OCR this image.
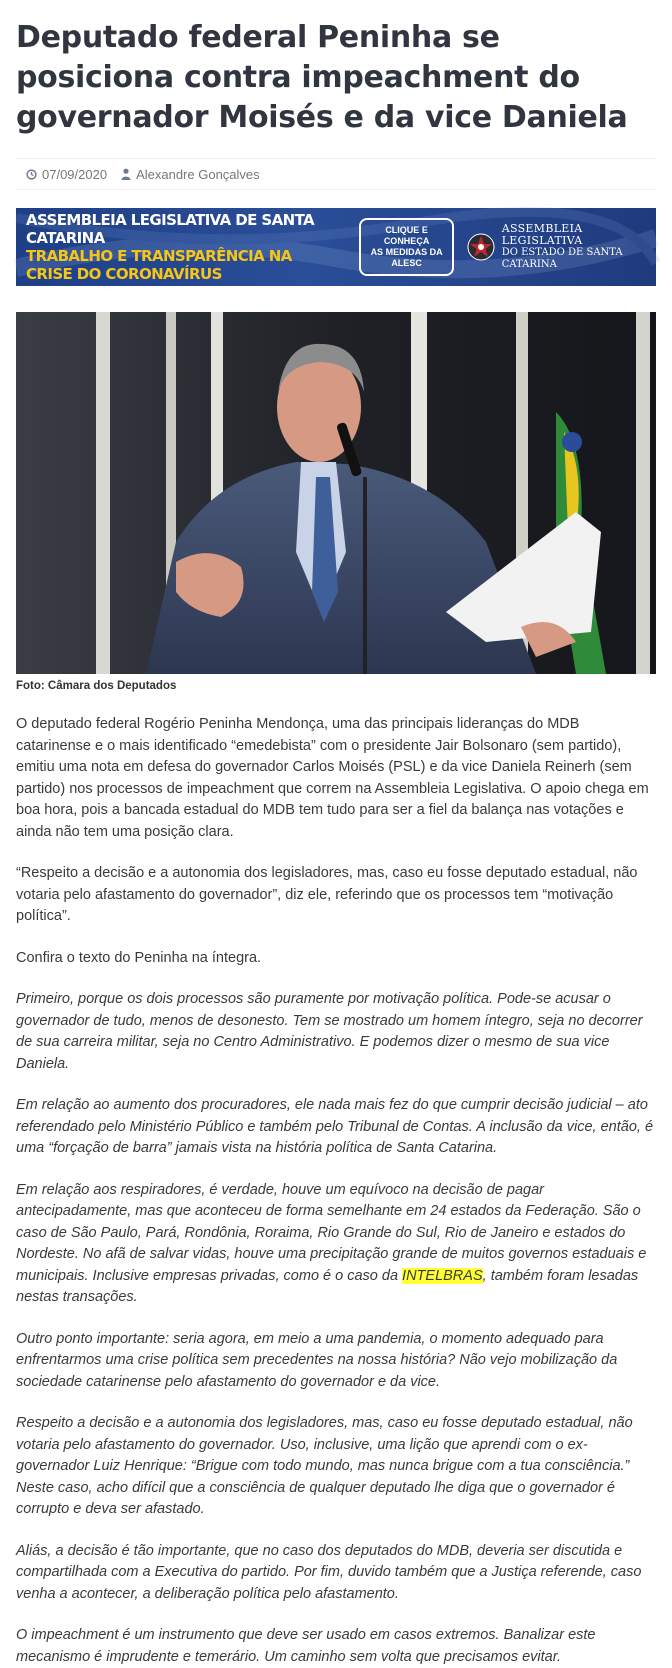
Deputado federal Peninha se posiciona contra impeachment do governador Moisés e da vice Daniela
07/09/2020 Alexandre Gonçalves
ASSEMBLEIA LEGISLATIVA DE SANTA CATARINA
TRABALHO E TRANSPARÊNCIA NA CRISE DO CORONAVÍRUS
CLIQUE E CONHEÇA
AS MEDIDAS DA ALESC
ASSEMBLEIA LEGISLATIVA
DO ESTADO DE SANTA CATARINA
Foto: Câmara dos Deputados

O deputado federal Rogério Peninha Mendonça, uma das principais lideranças do MDB catarinense e o mais identificado “emedebista” com o presidente Jair Bolsonaro (sem partido), emitiu uma nota em defesa do governador Carlos Moisés (PSL) e da vice Daniela Reinerh (sem partido) nos processos de impeachment que correm na Assembleia Legislativa. O apoio chega em boa hora, pois a bancada estadual do MDB tem tudo para ser a fiel da balança nas votações e ainda não tem uma posição clara.

“Respeito a decisão e a autonomia dos legisladores, mas, caso eu fosse deputado estadual, não votaria pelo afastamento do governador”, diz ele, referindo que os processos tem “motivação política”.

Confira o texto do Peninha na íntegra.

Primeiro, porque os dois processos são puramente por motivação política. Pode-se acusar o governador de tudo, menos de desonesto. Tem se mostrado um homem íntegro, seja no decorrer de sua carreira militar, seja no Centro Administrativo. E podemos dizer o mesmo de sua vice Daniela.

Em relação ao aumento dos procuradores, ele nada mais fez do que cumprir decisão judicial – ato referendado pelo Ministério Público e também pelo Tribunal de Contas. A inclusão da vice, então, é uma “forçação de barra” jamais vista na história política de Santa Catarina.

Em relação aos respiradores, é verdade, houve um equívoco na decisão de pagar antecipadamente, mas que aconteceu de forma semelhante em 24 estados da Federação. São o caso de São Paulo, Pará, Rondônia, Roraima, Rio Grande do Sul, Rio de Janeiro e estados do Nordeste. No afã de salvar vidas, houve uma precipitação grande de muitos governos estaduais e municipais. Inclusive empresas privadas, como é o caso da INTELBRAS, também foram lesadas nestas transações.

Outro ponto importante: seria agora, em meio a uma pandemia, o momento adequado para enfrentarmos uma crise política sem precedentes na nossa história? Não vejo mobilização da sociedade catarinense pelo afastamento do governador e da vice.

Respeito a decisão e a autonomia dos legisladores, mas, caso eu fosse deputado estadual, não votaria pelo afastamento do governador. Uso, inclusive, uma lição que aprendi com o ex-governador Luiz Henrique: “Brigue com todo mundo, mas nunca brigue com a tua consciência.” Neste caso, acho difícil que a consciência de qualquer deputado lhe diga que o governador é corrupto e deva ser afastado.

Aliás, a decisão é tão importante, que no caso dos deputados do MDB, deveria ser discutida e compartilhada com a Executiva do partido. Por fim, duvido também que a Justiça referende, caso venha a acontecer, a deliberação política pelo afastamento.

O impeachment é um instrumento que deve ser usado em casos extremos. Banalizar este mecanismo é imprudente e temerário. Um caminho sem volta que precisamos evitar.
